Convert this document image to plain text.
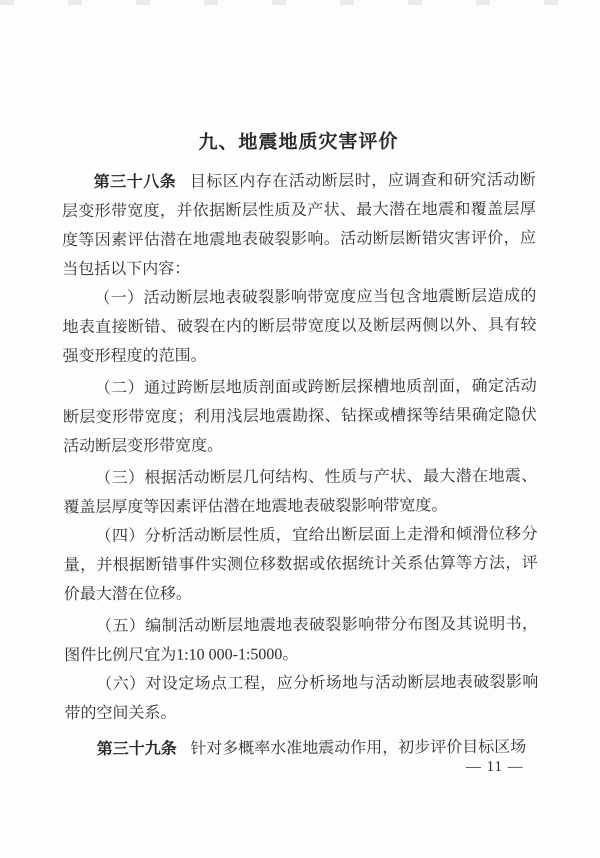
九、地震地质灾害评价

第三十八条 目标区内存在活动断层时，应调查和研究活动断层变形带宽度，并依据断层性质及产状、最大潜在地震和覆盖层厚度等因素评估潜在地震地表破裂影响。活动断层断错灾害评价，应当包括以下内容：

（一）活动断层地表破裂影响带宽度应当包含地震断层造成的地表直接断错、破裂在内的断层带宽度以及断层两侧以外、具有较强变形程度的范围。

（二）通过跨断层地质剖面或跨断层探槽地质剖面，确定活动断层变形带宽度；利用浅层地震勘探、钻探或槽探等结果确定隐伏活动断层变形带宽度。

（三）根据活动断层几何结构、性质与产状、最大潜在地震、覆盖层厚度等因素评估潜在地震地表破裂影响带宽度。

（四）分析活动断层性质，宜给出断层面上走滑和倾滑位移分量，并根据断错事件实测位移数据或依据统计关系估算等方法，评价最大潜在位移。

（五）编制活动断层地震地表破裂影响带分布图及其说明书，图件比例尺宜为1:10 000-1:5000。

（六）对设定场点工程，应分析场地与活动断层地表破裂影响带的空间关系。

第三十九条 针对多概率水准地震动作用，初步评价目标区场

— 11 —
